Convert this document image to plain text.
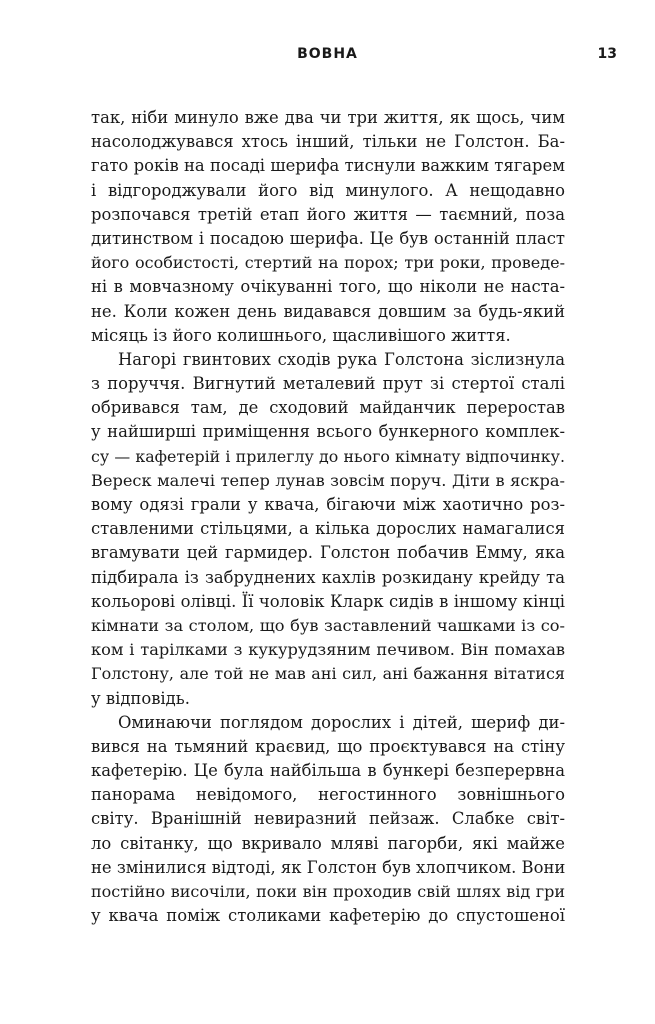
ВОВНА	13

так, ніби минуло вже два чи три життя, як щось, чим
насолоджувався хтось інший, тільки не Голстон. Ба-
гато років на посаді шерифа тиснули важким тягарем
і відгороджували його від минулого. А нещодавно
розпочався третій етап його життя — таємний, поза
дитинством і посадою шерифа. Це був останній пласт
його особистості, стертий на порох; три роки, проведе-
ні в мовчазному очікуванні того, що ніколи не наста-
не. Коли кожен день видавався довшим за будь-який
місяць із його колишнього, щасливішого життя.

Нагорі гвинтових сходів рука Голстона зіслизнула
з поруччя. Вигнутий металевий прут зі стертої сталі
обривався там, де сходовий майданчик переростав
у найширші приміщення всього бункерного комплек-
су — кафетерій і прилеглу до нього кімнату відпочинку.
Вереск малечі тепер лунав зовсім поруч. Діти в яскра-
вому одязі грали у квача, бігаючи між хаотично роз-
ставленими стільцями, а кілька дорослих намагалися
вгамувати цей гармидер. Голстон побачив Емму, яка
підбирала із забруднених кахлів розкидану крейду та
кольорові олівці. Її чоловік Кларк сидів в іншому кінці
кімнати за столом, що був заставлений чашками із со-
ком і тарілками з кукурудзяним печивом. Він помахав
Голстону, але той не мав ані сил, ані бажання вітатися
у відповідь.

Оминаючи поглядом дорослих і дітей, шериф ди-
вився на тьмяний краєвид, що проєктувався на стіну
кафетерію. Це була найбільша в бункері безперервна
панорама невідомого, негостинного зовнішнього
світу. Вранішній невиразний пейзаж. Слабке світ-
ло світанку, що вкривало мляві пагорби, які майже
не змінилися відтоді, як Голстон був хлопчиком. Вони
постійно височіли, поки він проходив свій шлях від гри
у квача поміж столиками кафетерію до спустошеної
